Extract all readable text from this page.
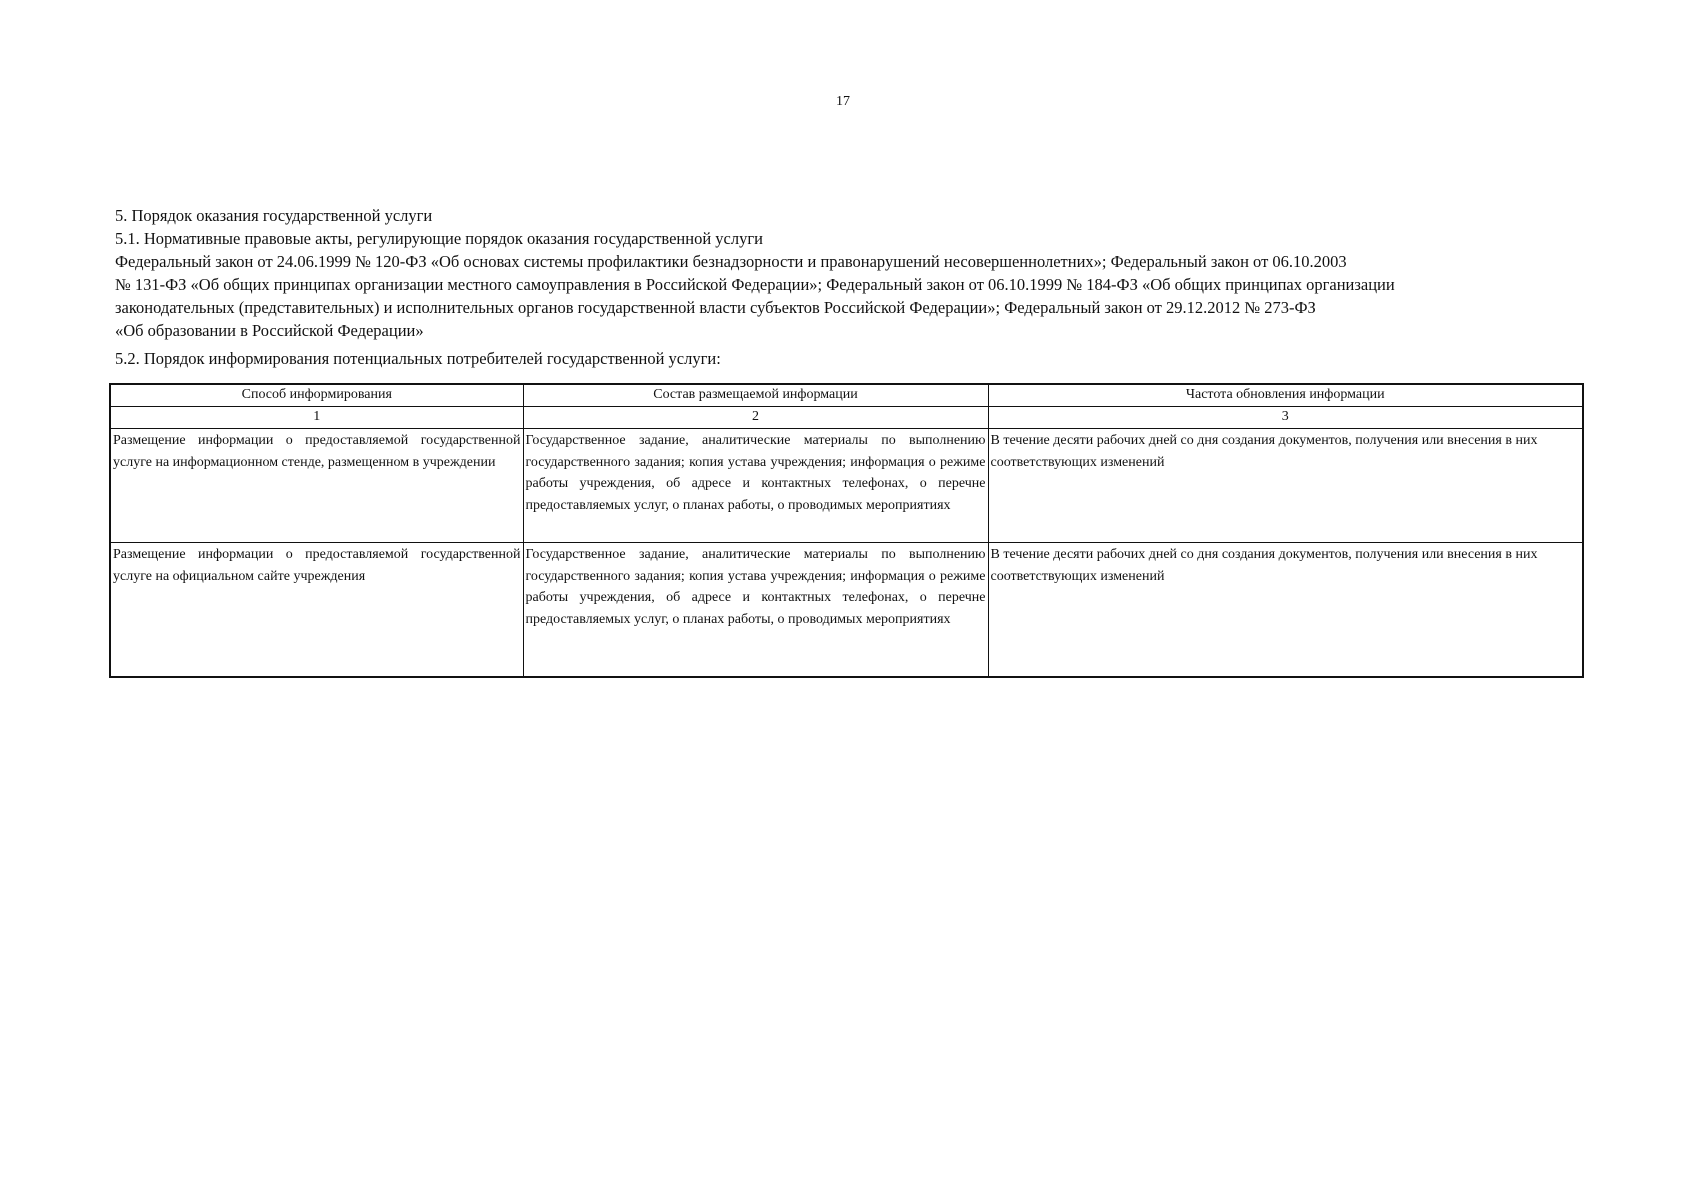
17
5. Порядок оказания государственной услуги
5.1. Нормативные правовые акты, регулирующие порядок оказания государственной услуги
Федеральный закон от 24.06.1999 № 120-ФЗ «Об основах системы профилактики безнадзорности и правонарушений несовершеннолетних»; Федеральный закон от 06.10.2003
№ 131-ФЗ «Об общих принципах организации местного самоуправления в Российской Федерации»; Федеральный закон от 06.10.1999 № 184-ФЗ «Об общих принципах организации
законодательных (представительных) и исполнительных органов государственной власти субъектов Российской Федерации»; Федеральный закон от 29.12.2012 № 273-ФЗ
«Об образовании в Российской Федерации»
5.2. Порядок информирования потенциальных потребителей государственной услуги:
Способ информирования	Состав размещаемой информации	Частота обновления информации
1	2	3
Размещение информации о предоставляемой государственной услуге на информационном стенде, размещенном в учреждении	Государственное задание, аналитические материалы по выполнению государственного задания; копия устава учреждения; информация о режиме работы учреждения, об адресе и контактных телефонах, о перечне предоставляемых услуг, о планах работы, о проводимых мероприятиях	В течение десяти рабочих дней со дня создания документов, получения или внесения в них соответствующих изменений
Размещение информации о предоставляемой государственной услуге на официальном сайте учреждения	Государственное задание, аналитические материалы по выполнению государственного задания; копия устава учреждения; информация о режиме работы учреждения, об адресе и контактных телефонах, о перечне предоставляемых услуг, о планах работы, о проводимых мероприятиях	В течение десяти рабочих дней со дня создания документов, получения или внесения в них соответствующих изменений
